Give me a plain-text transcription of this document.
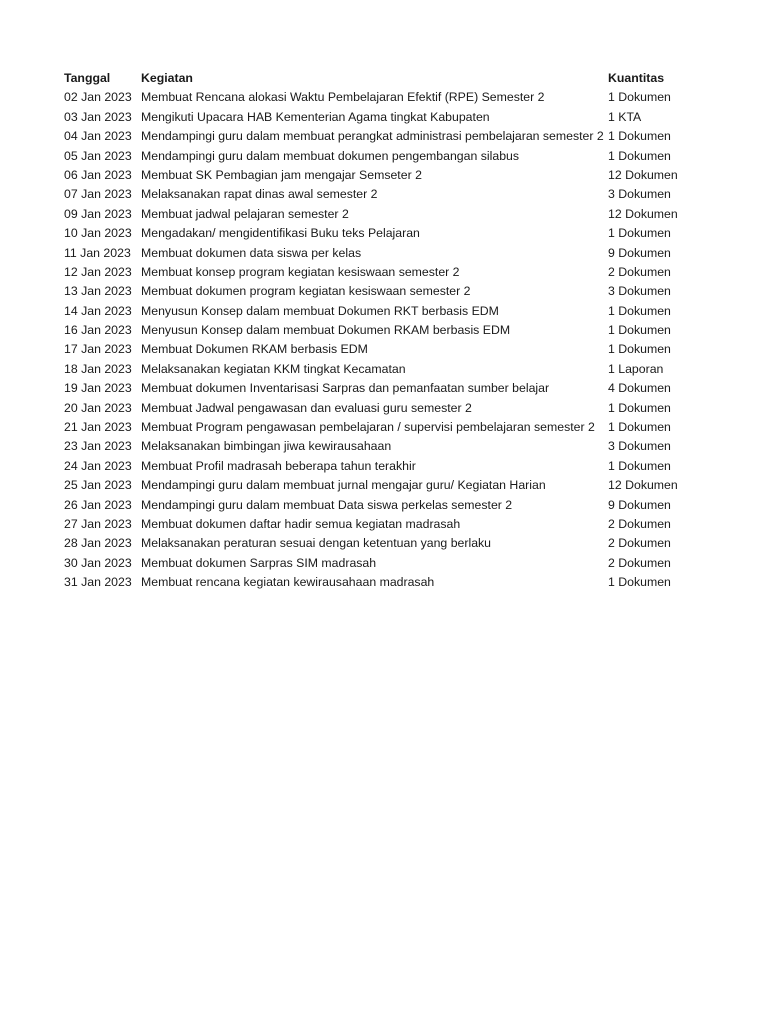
Tanggal	Kegiatan	Kuantitas
02 Jan 2023 Membuat Rencana alokasi Waktu Pembelajaran Efektif (RPE) Semester 2	1 Dokumen
03 Jan 2023 Mengikuti Upacara HAB Kementerian Agama tingkat Kabupaten	1 KTA
04 Jan 2023 Mendampingi guru dalam membuat perangkat administrasi pembelajaran semester 2 1 Dokumen
05 Jan 2023 Mendampingi guru dalam membuat dokumen pengembangan silabus	1 Dokumen
06 Jan 2023 Membuat SK Pembagian jam mengajar Semseter 2	12 Dokumen
07 Jan 2023 Melaksanakan rapat dinas awal semester 2	3 Dokumen
09 Jan 2023 Membuat jadwal pelajaran semester 2	12 Dokumen
10 Jan 2023 Mengadakan/ mengidentifikasi Buku teks Pelajaran	1 Dokumen
11 Jan 2023 Membuat dokumen data siswa per kelas	9 Dokumen
12 Jan 2023 Membuat konsep program kegiatan kesiswaan semester 2	2 Dokumen
13 Jan 2023 Membuat dokumen program kegiatan kesiswaan semester 2	3 Dokumen
14 Jan 2023 Menyusun Konsep dalam membuat Dokumen RKT berbasis EDM	1 Dokumen
16 Jan 2023 Menyusun Konsep dalam membuat Dokumen RKAM berbasis EDM	1 Dokumen
17 Jan 2023 Membuat Dokumen RKAM berbasis EDM	1 Dokumen
18 Jan 2023 Melaksanakan kegiatan KKM tingkat Kecamatan	1 Laporan
19 Jan 2023 Membuat dokumen Inventarisasi Sarpras dan pemanfaatan sumber belajar	4 Dokumen
20 Jan 2023 Membuat Jadwal pengawasan dan evaluasi guru semester 2	1 Dokumen
21 Jan 2023 Membuat Program pengawasan pembelajaran / supervisi pembelajaran semester 2	1 Dokumen
23 Jan 2023 Melaksanakan bimbingan jiwa kewirausahaan	3 Dokumen
24 Jan 2023 Membuat Profil madrasah beberapa tahun terakhir	1 Dokumen
25 Jan 2023 Mendampingi guru dalam membuat jurnal mengajar guru/ Kegiatan Harian	12 Dokumen
26 Jan 2023 Mendampingi guru dalam membuat Data siswa perkelas semester 2	9 Dokumen
27 Jan 2023 Membuat dokumen daftar hadir semua kegiatan madrasah	2 Dokumen
28 Jan 2023 Melaksanakan peraturan sesuai dengan ketentuan yang berlaku	2 Dokumen
30 Jan 2023 Membuat dokumen Sarpras SIM madrasah	2 Dokumen
31 Jan 2023 Membuat rencana kegiatan kewirausahaan madrasah	1 Dokumen
